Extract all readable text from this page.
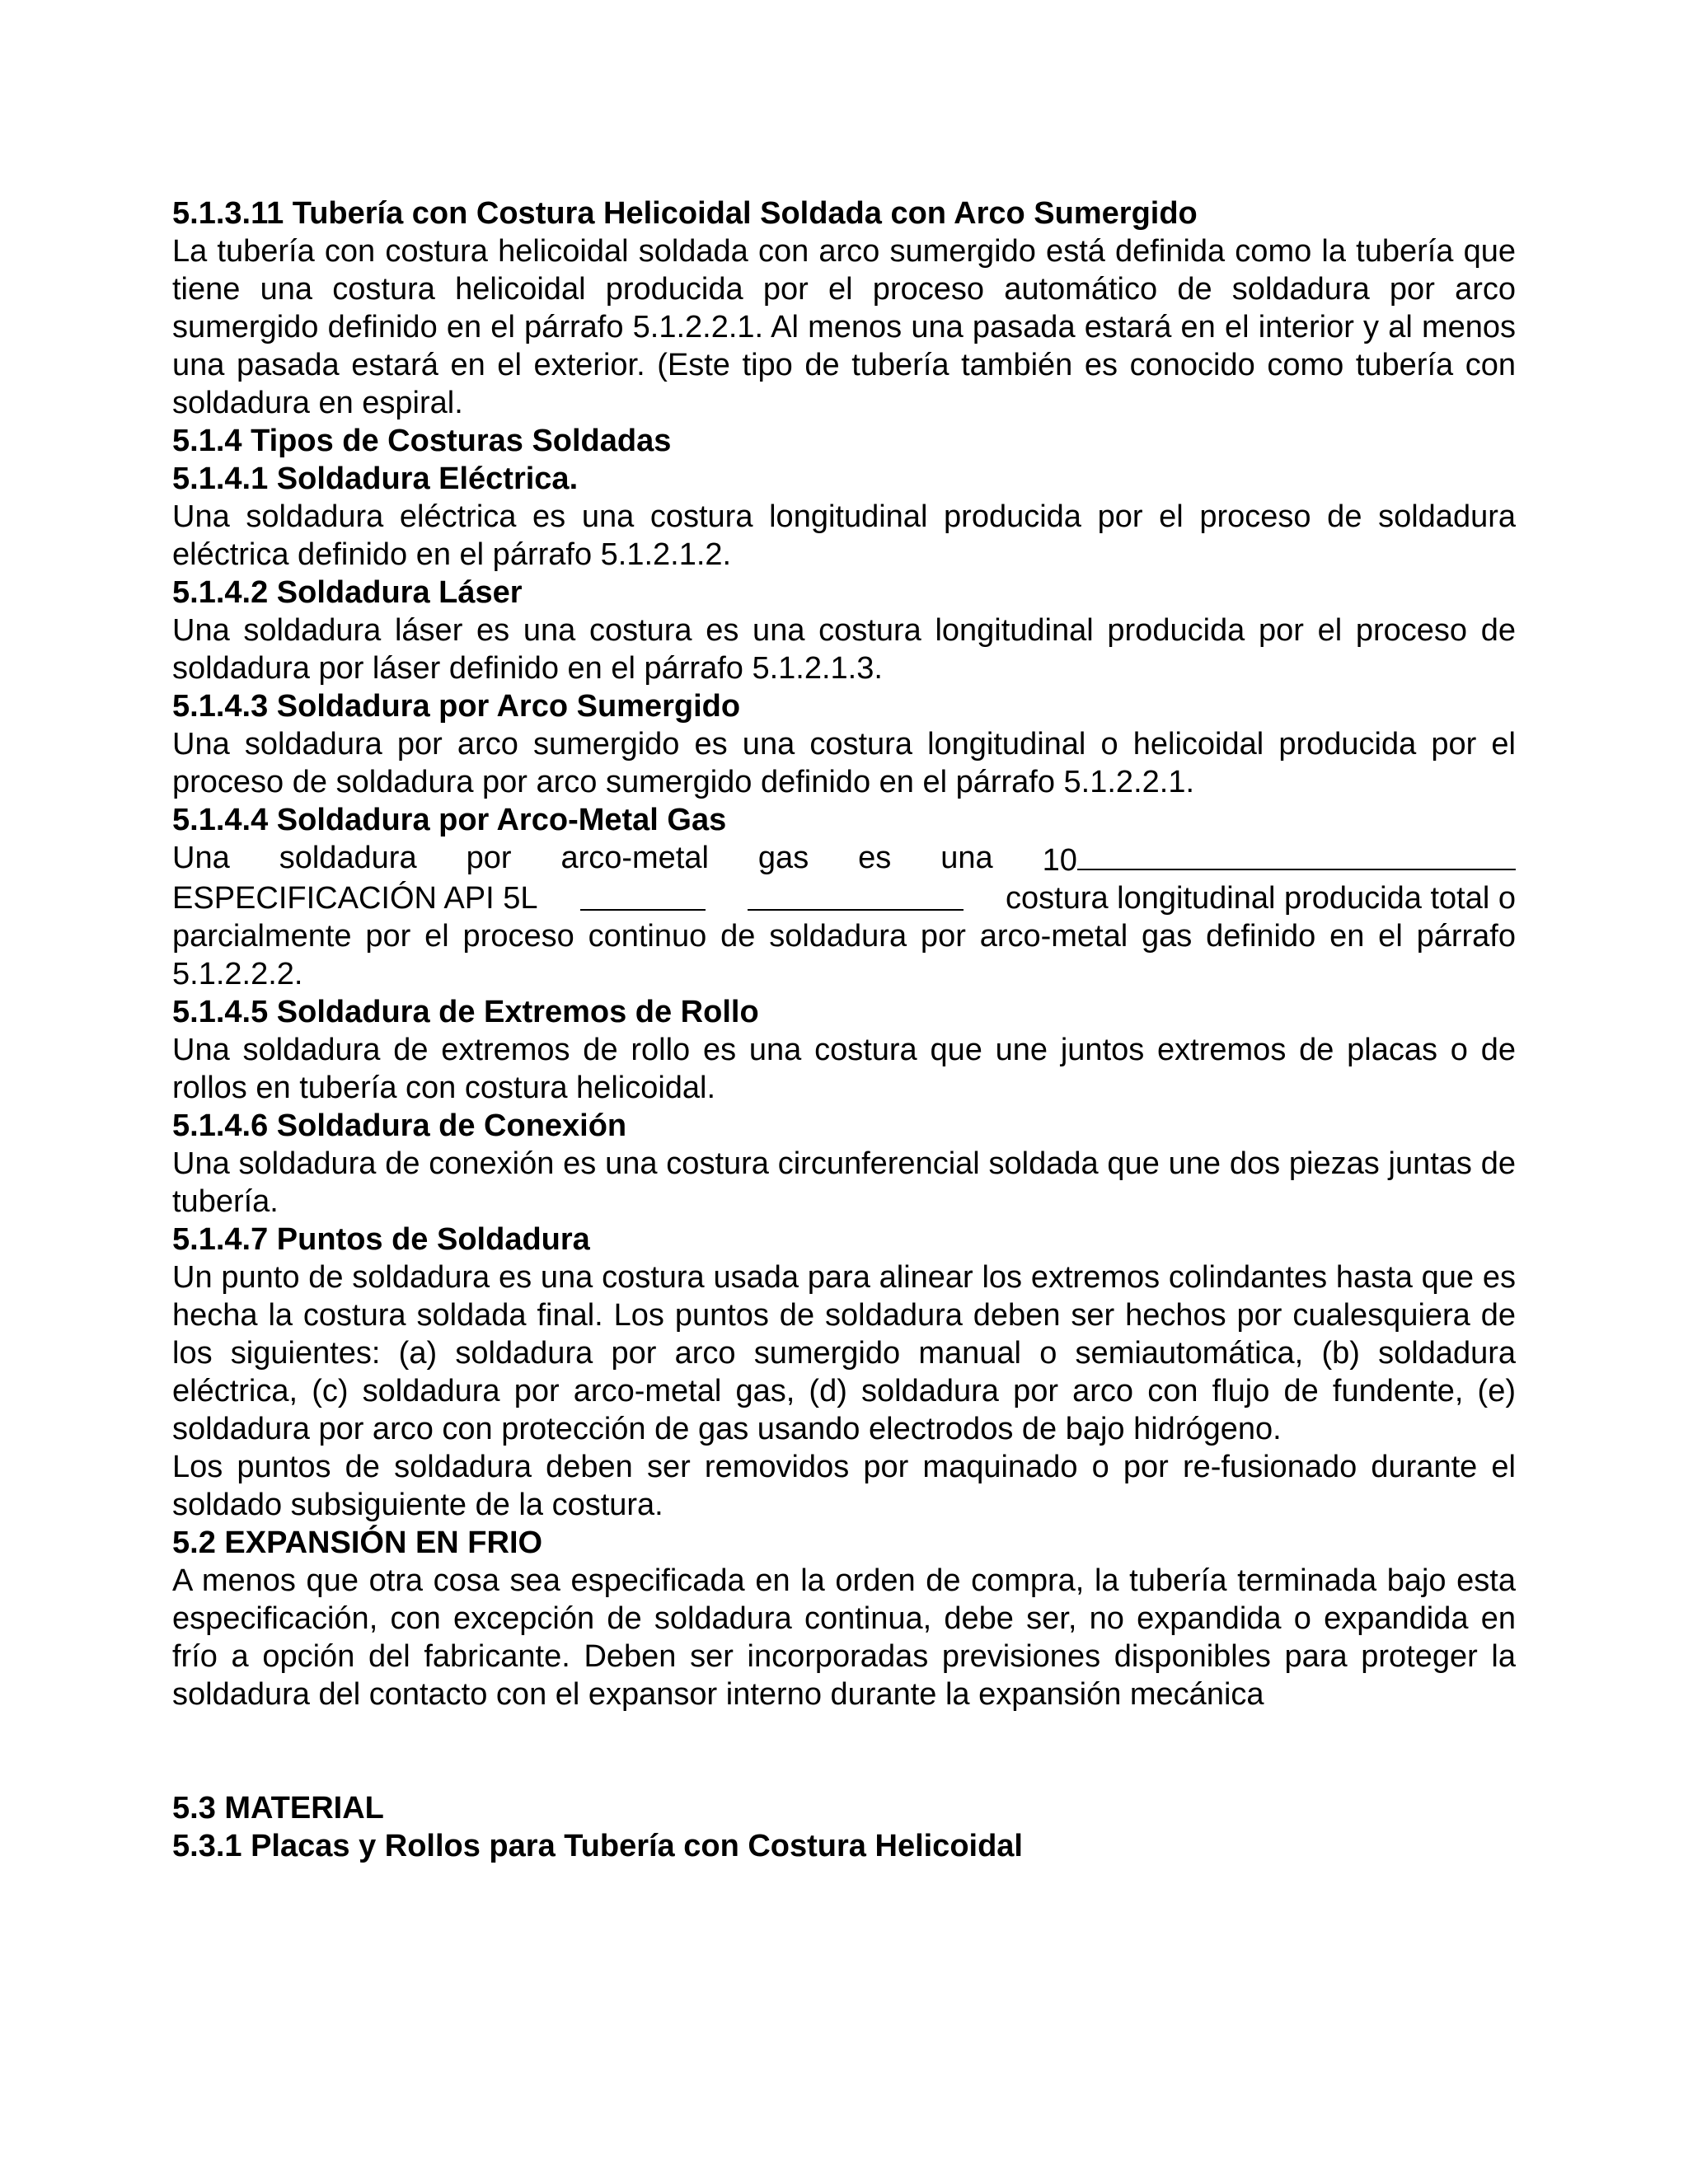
5.1.3.11 Tubería con Costura Helicoidal Soldada con Arco Sumergido

La tubería con costura helicoidal soldada con arco sumergido está definida como la tubería que tiene una costura helicoidal producida por el proceso automático de soldadura por arco sumergido definido en el párrafo 5.1.2.2.1. Al menos una pasada estará en el interior y al menos una pasada estará en el exterior. (Este tipo de tubería también es conocido como tubería con soldadura en espiral.

5.1.4 Tipos de Costuras Soldadas

5.1.4.1 Soldadura Eléctrica.

Una soldadura eléctrica es una costura longitudinal producida por el proceso de soldadura eléctrica definido en el párrafo 5.1.2.1.2.

5.1.4.2 Soldadura Láser

Una soldadura láser es una costura es una costura longitudinal producida por el proceso de soldadura por láser definido en el párrafo 5.1.2.1.3.

5.1.4.3 Soldadura por Arco Sumergido

Una soldadura por arco sumergido es una costura longitudinal o helicoidal producida por el proceso de soldadura por arco sumergido definido en el párrafo 5.1.2.2.1.

5.1.4.4 Soldadura por Arco-Metal Gas

Una soldadura por arco-metal gas es una 10
ESPECIFICACIÓN API 5L	costura longitudinal producida total o

parcialmente por el proceso continuo de soldadura por arco-metal gas definido en el párrafo 5.1.2.2.2.

5.1.4.5 Soldadura de Extremos de Rollo

Una soldadura de extremos de rollo es una costura que une juntos extremos de placas o de rollos en tubería con costura helicoidal.

5.1.4.6 Soldadura de Conexión

Una soldadura de conexión es una costura circunferencial soldada que une dos piezas juntas de tubería.

5.1.4.7 Puntos de Soldadura

Un punto de soldadura es una costura usada para alinear los extremos colindantes hasta que es hecha la costura soldada final. Los puntos de soldadura deben ser hechos por cualesquiera de los siguientes: (a) soldadura por arco sumergido manual o semiautomática, (b) soldadura eléctrica, (c) soldadura por arco-metal gas, (d) soldadura por arco con flujo de fundente, (e) soldadura por arco con protección de gas usando electrodos de bajo hidrógeno.

Los puntos de soldadura deben ser removidos por maquinado o por re-fusionado durante el soldado subsiguiente de la costura.

5.2 EXPANSIÓN EN FRIO

A menos que otra cosa sea especificada en la orden de compra, la tubería terminada bajo esta especificación, con excepción de soldadura continua, debe ser, no expandida o expandida en frío a opción del fabricante. Deben ser incorporadas previsiones disponibles para proteger la soldadura del contacto con el expansor interno durante la expansión mecánica

5.3 MATERIAL

5.3.1 Placas y Rollos para Tubería con Costura Helicoidal
